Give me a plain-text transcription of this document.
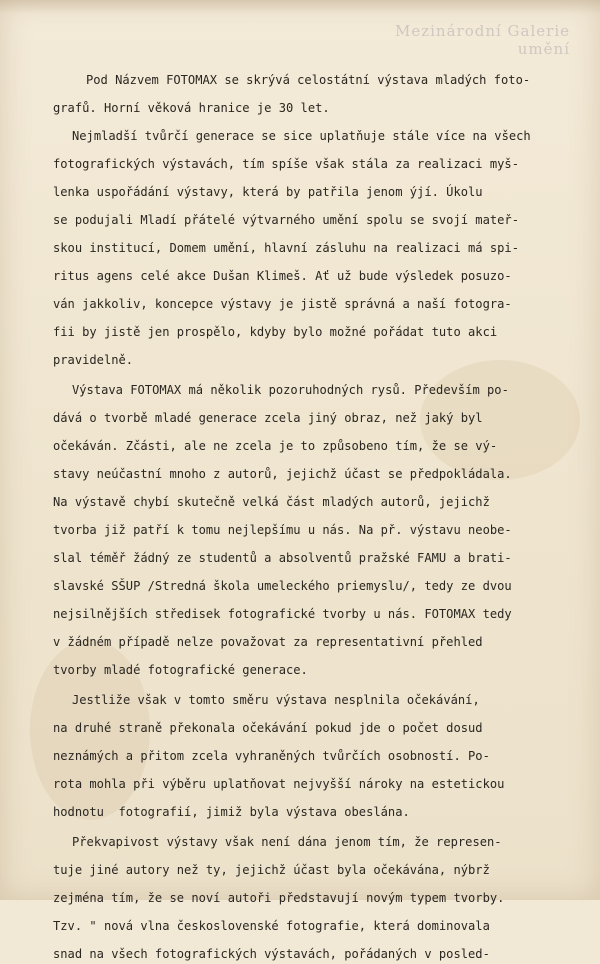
Mezinárodní Galerie umění
Pod Názvem FOTOMAX se skrývá celostátní výstava mladých foto-
grafů. Horní věková hranice je 30 let.
Nejmladší tvůrčí generace se sice uplatňuje stále více na všech
fotografických výstavách, tím spíše však stála za realizaci myš-
lenka uspořádání výstavy, která by patřila jenom ýjí. Úkolu
se podujali Mladí přátelé výtvarného umění spolu se svojí mateř-
skou institucí, Domem umění, hlavní zásluhu na realizaci má spi-
ritus agens celé akce Dušan Klimeš. Ať už bude výsledek posuzo-
ván jakkoliv, koncepce výstavy je jistě správná a naší fotogra-
fii by jistě jen prospělo, kdyby bylo možné pořádat tuto akci
pravidelně.
Výstava FOTOMAX má několik pozoruhodných rysů. Především po-
dává o tvorbě mladé generace zcela jiný obraz, než jaký byl
očekáván. Zčásti, ale ne zcela je to způsobeno tím, že se vý-
stavy neúčastní mnoho z autorů, jejichž účast se předpokládala.
Na výstavě chybí skutečně velká část mladých autorů, jejichž
tvorba již patří k tomu nejlepšímu u nás. Na př. výstavu neobe-
slal téměř žádný ze studentů a absolventů pražské FAMU a brati-
slavské SŠUP /Stredná škola umeleckého priemyslu/, tedy ze dvou
nejsilnějších středisek fotografické tvorby u nás. FOTOMAX tedy
v žádném případě nelze považovat za representativní přehled
tvorby mladé fotografické generace.
Jestliže však v tomto směru výstava nesplnila očekávání,
na druhé straně překonala očekávání pokud jde o počet dosud
neznámých a přitom zcela vyhraněných tvůrčích osobností. Po-
rota mohla při výběru uplatňovat nejvyšší nároky na estetickou
hodnotu  fotografií, jimiž byla výstava obeslána.
Překvapivost výstavy však není dána jenom tím, že represen-
tuje jiné autory než ty, jejichž účast byla očekávána, nýbrž
zejména tím, že se noví autoři představují novým typem tvorby.
Tzv. " nová vlna československé fotografie, která dominovala
snad na všech fotografických výstavách, pořádaných v posled-
